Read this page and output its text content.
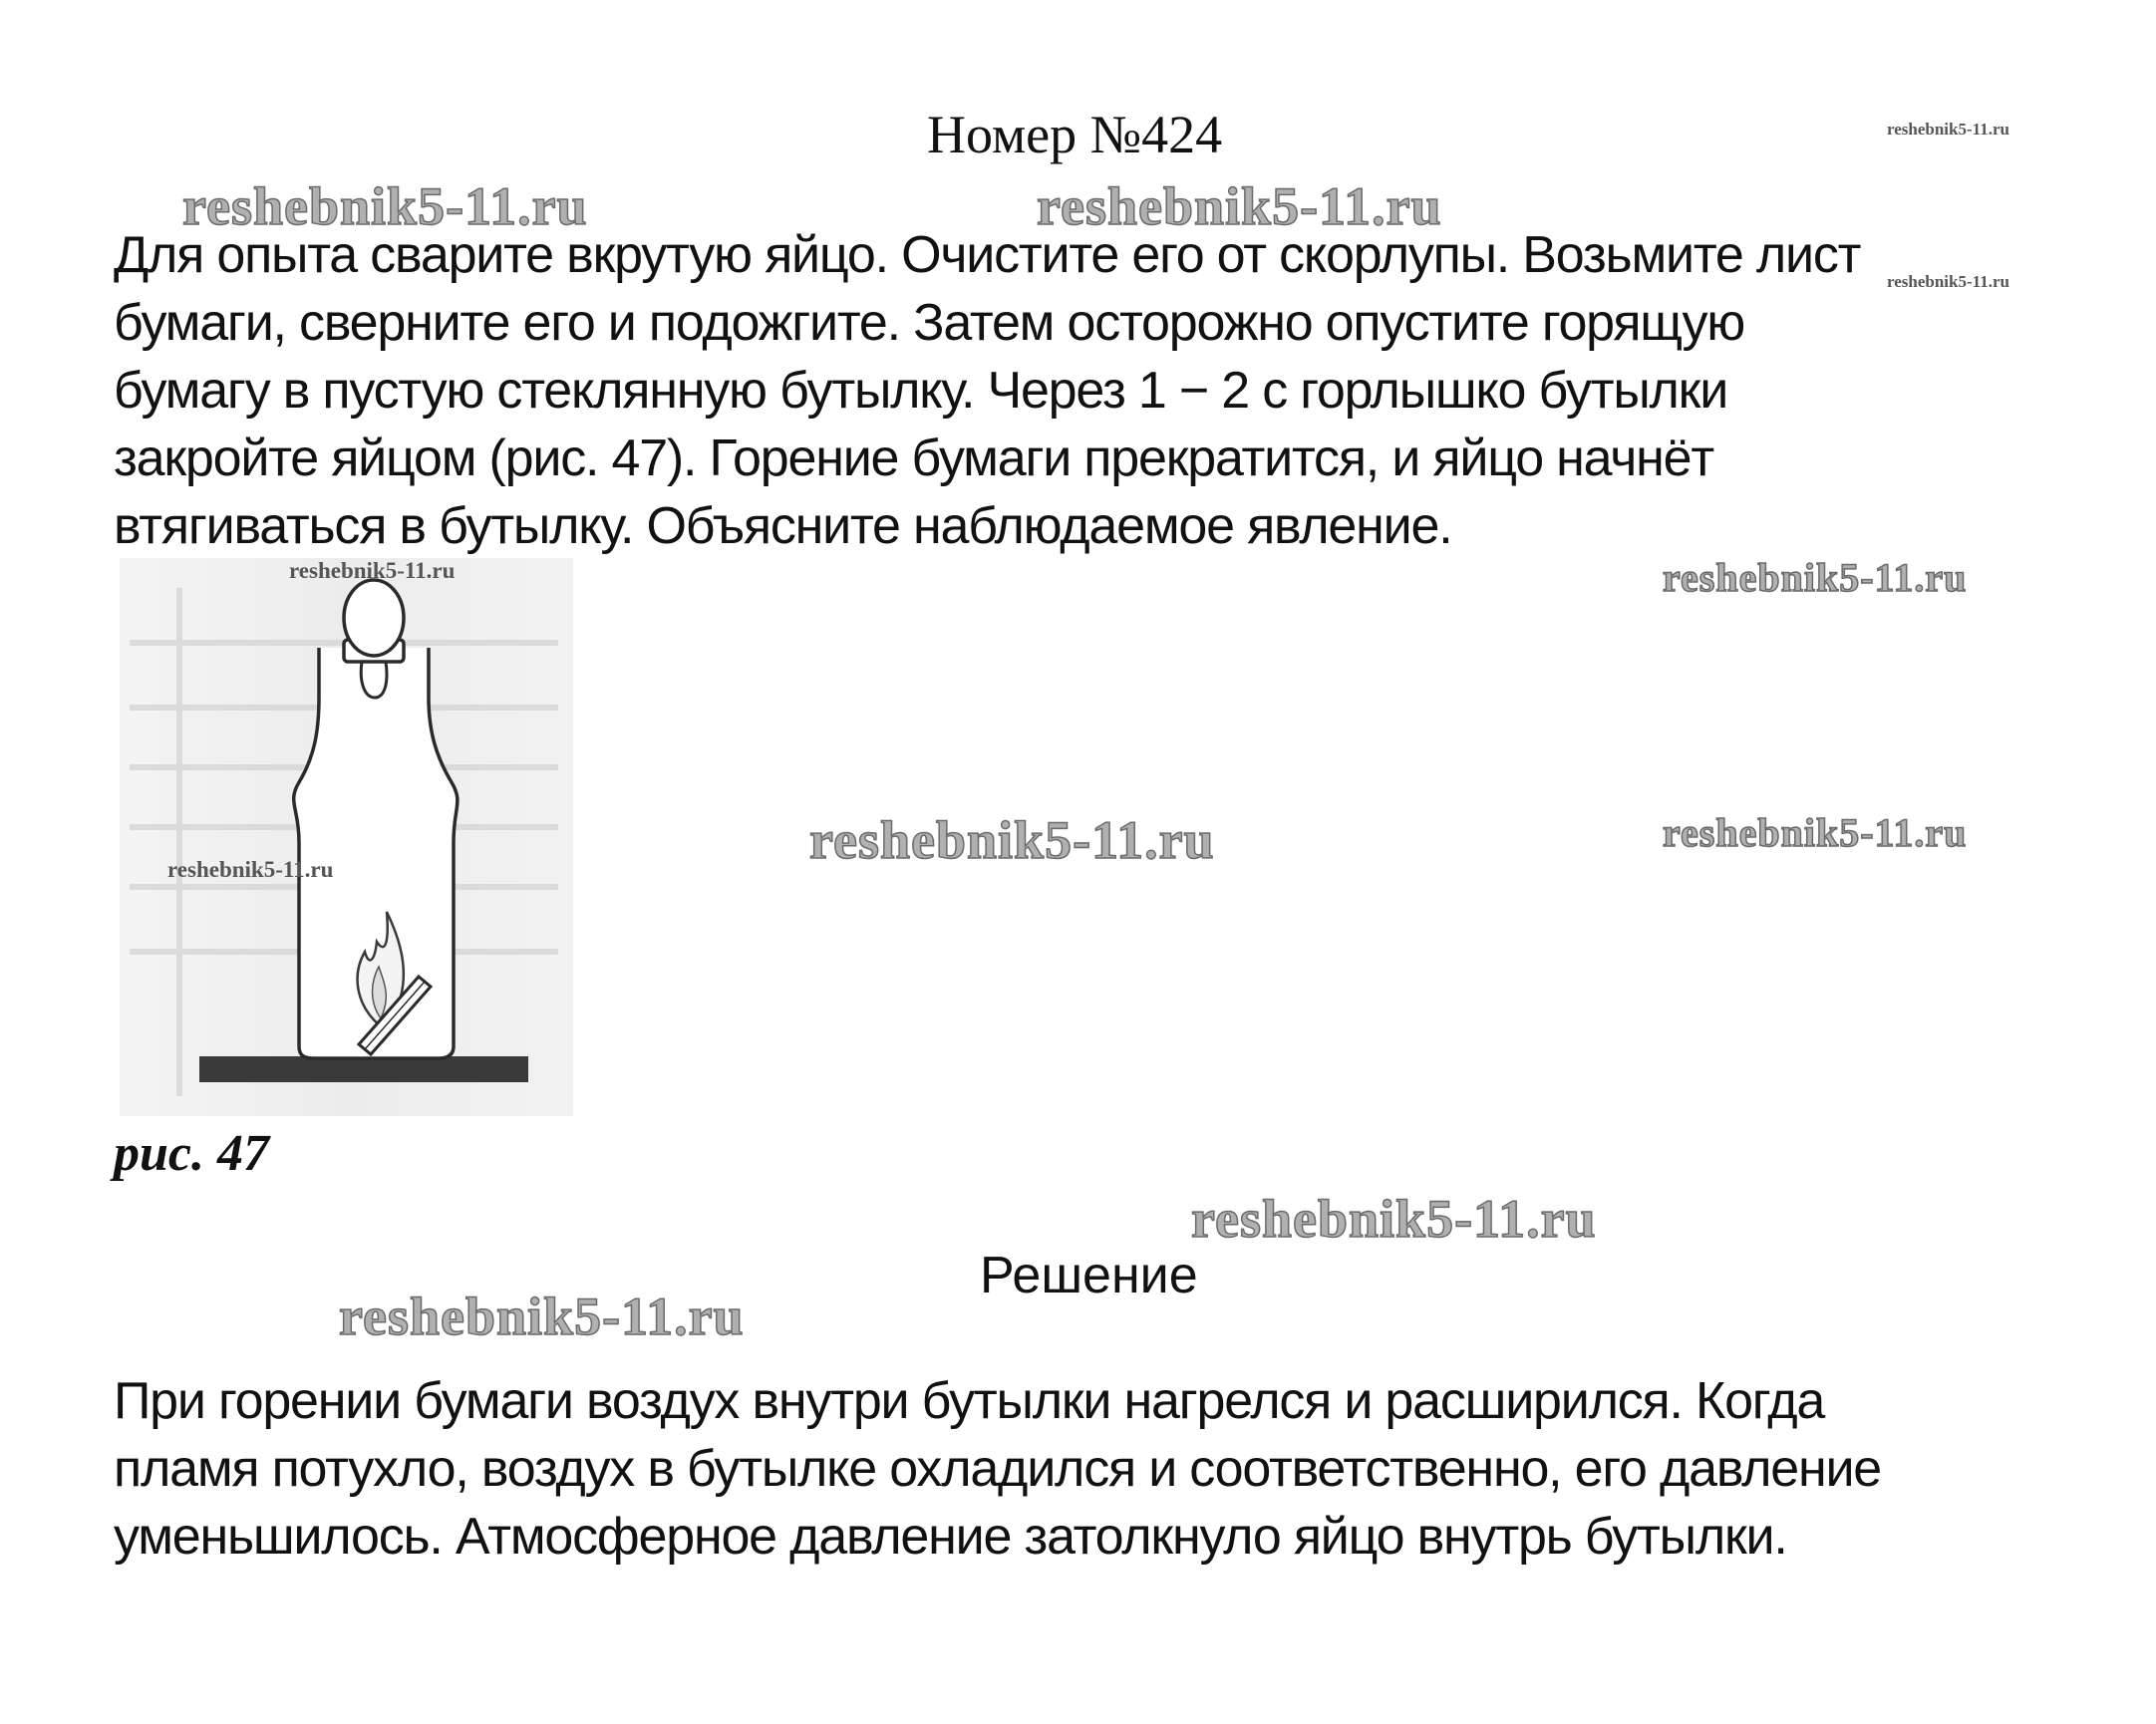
Номер №424	reshebnik5-11.ru
reshebnik5-11.ru	reshebnik5-11.ru
reshebnik5-11.ru
reshebnik5-11.ru
reshebnik5-11.ru	reshebnik5-11.ru
reshebnik5-11.ru
reshebnik5-11.ru
Для опыта сварите вкрутую яйцо. Очистите его от скорлупы. Возьмите лист
бумаги, сверните его и подожгите. Затем осторожно опустите горящую
бумагу в пустую стеклянную бутылку. Через 1 − 2 с горлышко бутылки
закройте яйцом (рис. 47). Горение бумаги прекратится, и яйцо начнёт
втягиваться в бутылку. Объясните наблюдаемое явление.
reshebnik5-11.ru
reshebnik5-11.ru
рис. 47
Решение
При горении бумаги воздух внутри бутылки нагрелся и расширился. Когда
пламя потухло, воздух в бутылке охладился и соответственно, его давление
уменьшилось. Атмосферное давление затолкнуло яйцо внутрь бутылки.
